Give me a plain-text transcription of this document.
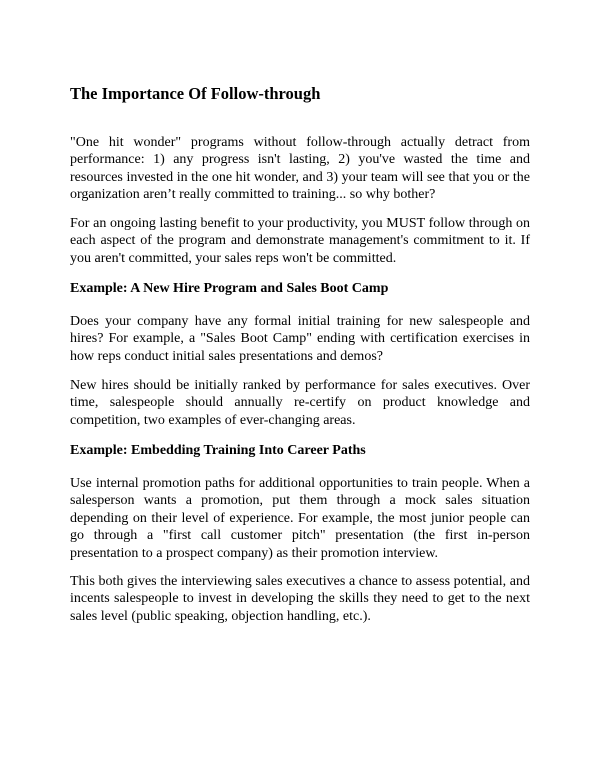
The Importance Of Follow-through

"One hit wonder" programs without follow-through actually detract from performance: 1) any progress isn't lasting, 2) you've wasted the time and resources invested in the one hit wonder, and 3) your team will see that you or the organization aren’t really committed to training... so why bother?

For an ongoing lasting benefit to your productivity, you MUST follow through on each aspect of the program and demonstrate management's commitment to it. If you aren't committed, your sales reps won't be committed.

Example: A New Hire Program and Sales Boot Camp

Does your company have any formal initial training for new salespeople and hires? For example, a "Sales Boot Camp" ending with certification exercises in how reps conduct initial sales presentations and demos?

New hires should be initially ranked by performance for sales executives. Over time, salespeople should annually re-certify on product knowledge and competition, two examples of ever-changing areas.

Example: Embedding Training Into Career Paths

Use internal promotion paths for additional opportunities to train people. When a salesperson wants a promotion, put them through a mock sales situation depending on their level of experience. For example, the most junior people can go through a "first call customer pitch" presentation (the first in-person presentation to a prospect company) as their promotion interview.

This both gives the interviewing sales executives a chance to assess potential, and incents salespeople to invest in developing the skills they need to get to the next sales level (public speaking, objection handling, etc.).
